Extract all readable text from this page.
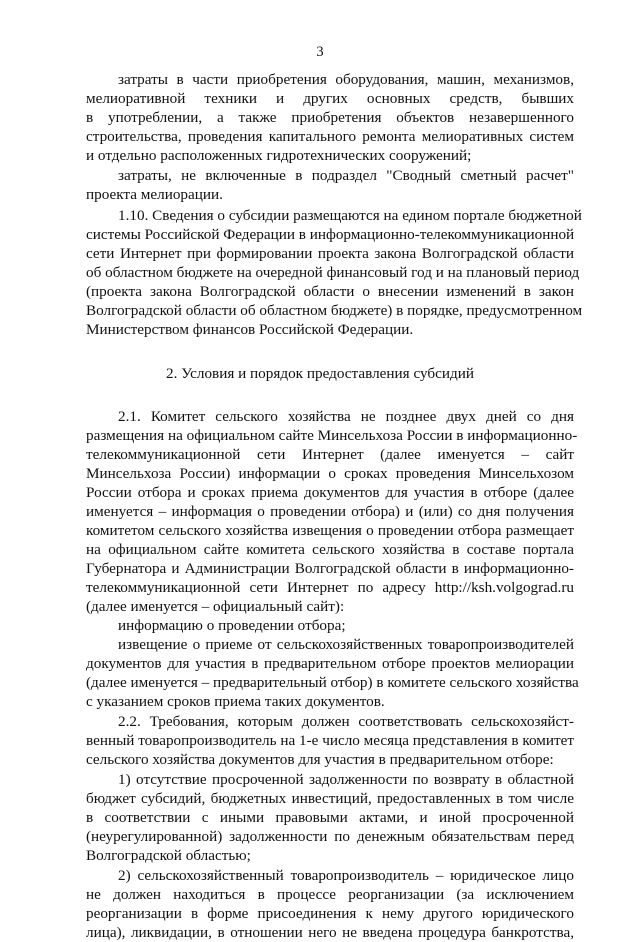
3
затраты в части приобретения оборудования, машин, механизмов,
мелиоративной техники и других основных средств, бывших
в употреблении, а также приобретения объектов незавершенного
строительства, проведения капитального ремонта мелиоративных систем
и отдельно расположенных гидротехнических сооружений;
затраты, не включенные в подраздел "Сводный сметный расчет"
проекта мелиорации.
1.10. Сведения о субсидии размещаются на едином портале бюджетной
системы Российской Федерации в информационно-телекоммуникационной
сети Интернет при формировании проекта закона Волгоградской области
об областном бюджете на очередной финансовый год и на плановый период
(проекта закона Волгоградской области о внесении изменений в закон
Волгоградской области об областном бюджете) в порядке, предусмотренном
Министерством финансов Российской Федерации.
2. Условия и порядок предоставления субсидий
2.1. Комитет сельского хозяйства не позднее двух дней со дня
размещения на официальном сайте Минсельхоза России в информационно-
телекоммуникационной сети Интернет (далее именуется – сайт
Минсельхоза России) информации о сроках проведения Минсельхозом
России отбора и сроках приема документов для участия в отборе (далее
именуется – информация о проведении отбора) и (или) со дня получения
комитетом сельского хозяйства извещения о проведении отбора размещает
на официальном сайте комитета сельского хозяйства в составе портала
Губернатора и Администрации Волгоградской области в информационно-
телекоммуникационной сети Интернет по адресу http://ksh.volgograd.ru
(далее именуется – официальный сайт):
информацию о проведении отбора;
извещение о приеме от сельскохозяйственных товаропроизводителей
документов для участия в предварительном отборе проектов мелиорации
(далее именуется – предварительный отбор) в комитете сельского хозяйства
с указанием сроков приема таких документов.
2.2. Требования, которым должен соответствовать сельскохозяйст-
венный товаропроизводитель на 1-е число месяца представления в комитет
сельского хозяйства документов для участия в предварительном отборе:
1) отсутствие просроченной задолженности по возврату в областной
бюджет субсидий, бюджетных инвестиций, предоставленных в том числе
в соответствии с иными правовыми актами, и иной просроченной
(неурегулированной) задолженности по денежным обязательствам перед
Волгоградской областью;
2) сельскохозяйственный товаропроизводитель – юридическое лицо
не должен находиться в процессе реорганизации (за исключением
реорганизации в форме присоединения к нему другого юридического
лица), ликвидации, в отношении него не введена процедура банкротства,
